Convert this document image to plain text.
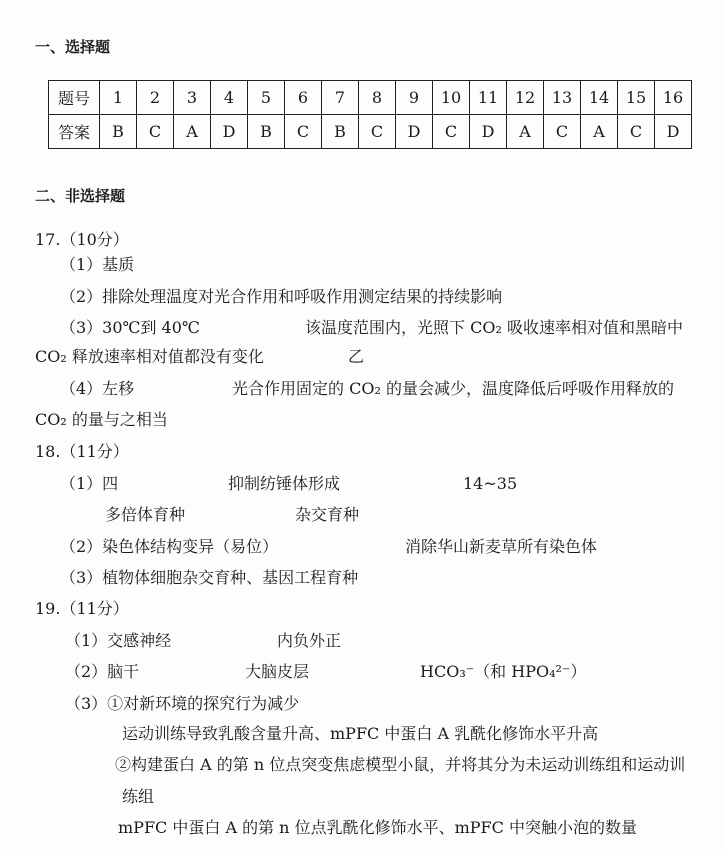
一、选择题
题号	1	2	3	4	5	6	7	8	9	10	11	12	13	14	15	16
答案	B	C	A	D	B	C	B	C	D	C	D	A	C	A	C	D
二、非选择题
17.（10分）
（1）基质
（2）排除处理温度对光合作用和呼吸作用测定结果的持续影响
（3）30℃到 40℃	该温度范围内，光照下 CO₂ 吸收速率相对值和黑暗中
CO₂ 释放速率相对值都没有变化	乙
（4）左移	光合作用固定的 CO₂ 的量会减少，温度降低后呼吸作用释放的
CO₂ 的量与之相当
18.（11分）
（1）四	抑制纺锤体形成	14~35
多倍体育种	杂交育种
（2）染色体结构变异（易位）	消除华山新麦草所有染色体
（3）植物体细胞杂交育种、基因工程育种
19.（11分）
（1）交感神经	内负外正
（2）脑干	大脑皮层	HCO₃⁻（和 HPO₄²⁻）
（3）①对新环境的探究行为减少
运动训练导致乳酸含量升高、mPFC 中蛋白 A 乳酰化修饰水平升高
②构建蛋白 A 的第 n 位点突变焦虑模型小鼠，并将其分为未运动训练组和运动训
练组
mPFC 中蛋白 A 的第 n 位点乳酰化修饰水平、mPFC 中突触小泡的数量
